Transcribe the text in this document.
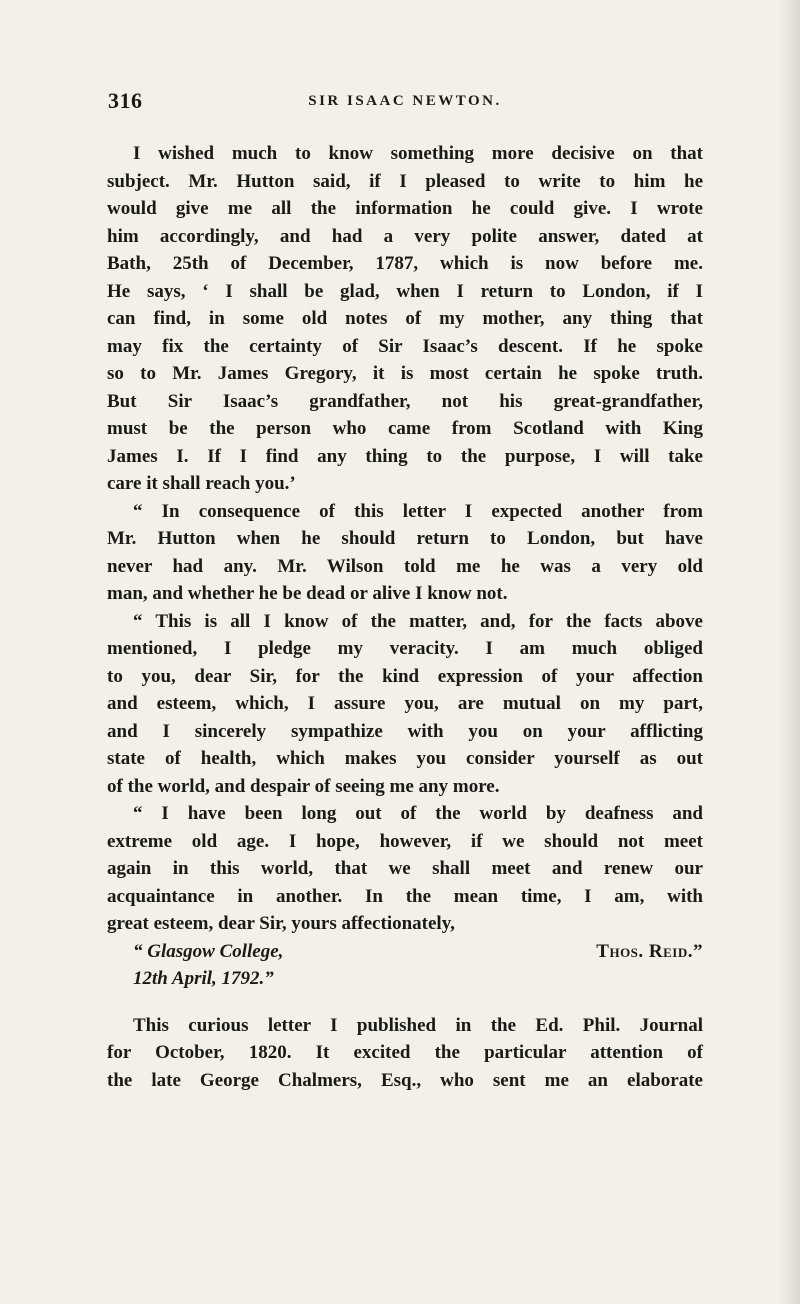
316	SIR ISAAC NEWTON.
I wished much to know something more decisive on that
subject. Mr. Hutton said, if I pleased to write to him he
would give me all the information he could give. I wrote
him accordingly, and had a very polite answer, dated at
Bath, 25th of December, 1787, which is now before me.
He says, ‘ I shall be glad, when I return to London, if I
can find, in some old notes of my mother, any thing that
may fix the certainty of Sir Isaac’s descent. If he spoke
so to Mr. James Gregory, it is most certain he spoke truth.
But Sir Isaac’s grandfather, not his great-grandfather,
must be the person who came from Scotland with King
James I. If I find any thing to the purpose, I will take
care it shall reach you.’
“ In consequence of this letter I expected another from
Mr. Hutton when he should return to London, but have
never had any. Mr. Wilson told me he was a very old
man, and whether he be dead or alive I know not.
“ This is all I know of the matter, and, for the facts above
mentioned, I pledge my veracity. I am much obliged
to you, dear Sir, for the kind expression of your affection
and esteem, which, I assure you, are mutual on my part,
and I sincerely sympathize with you on your afflicting
state of health, which makes you consider yourself as out
of the world, and despair of seeing me any more.
“ I have been long out of the world by deafness and
extreme old age. I hope, however, if we should not meet
again in this world, that we shall meet and renew our
acquaintance in another. In the mean time, I am, with
great esteem, dear Sir, yours affectionately,
“ Glasgow College,	Thos. Reid.”
12th April, 1792.”
This curious letter I published in the Ed. Phil. Journal
for October, 1820. It excited the particular attention of
the late George Chalmers, Esq., who sent me an elaborate
